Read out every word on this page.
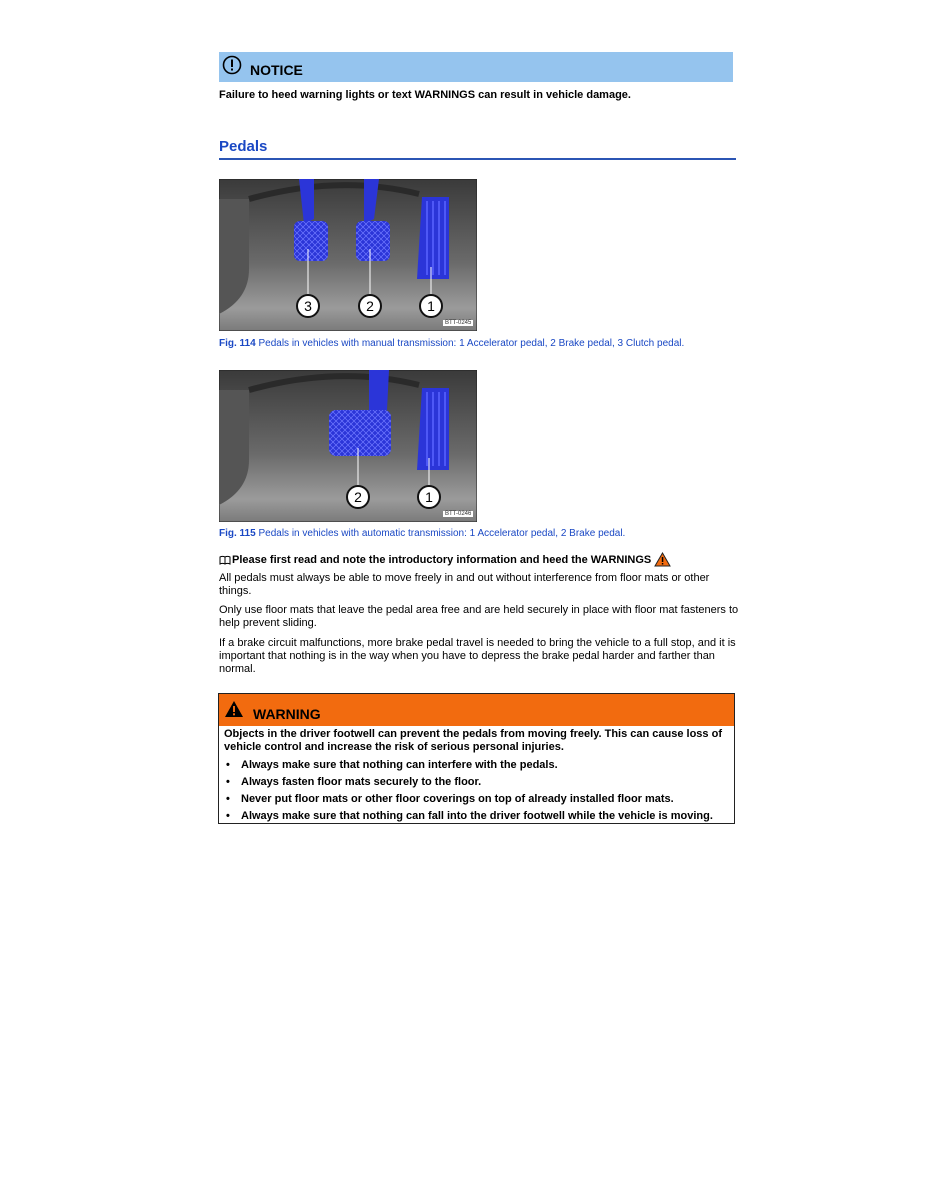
NOTICE
Failure to heed warning lights or text WARNINGS can result in vehicle damage.
Pedals
3	2	1
BTT-0245
Fig. 114 Pedals in vehicles with manual transmission: 1 Accelerator pedal, 2 Brake pedal, 3 Clutch pedal.
2	1
BTT-0246
Fig. 115 Pedals in vehicles with automatic transmission: 1 Accelerator pedal, 2 Brake pedal.
Please first read and note the introductory information and heed the WARNINGS
All pedals must always be able to move freely in and out without interference from floor mats or other things.
Only use floor mats that leave the pedal area free and are held securely in place with floor mat fasteners to help prevent sliding.
If a brake circuit malfunctions, more brake pedal travel is needed to bring the vehicle to a full stop, and it is important that nothing is in the way when you have to depress the brake pedal harder and farther than normal.
WARNING
Objects in the driver footwell can prevent the pedals from moving freely. This can cause loss of vehicle control and increase the risk of serious personal injuries.
• Always make sure that nothing can interfere with the pedals.
• Always fasten floor mats securely to the floor.
• Never put floor mats or other floor coverings on top of already installed floor mats.
• Always make sure that nothing can fall into the driver footwell while the vehicle is moving.
